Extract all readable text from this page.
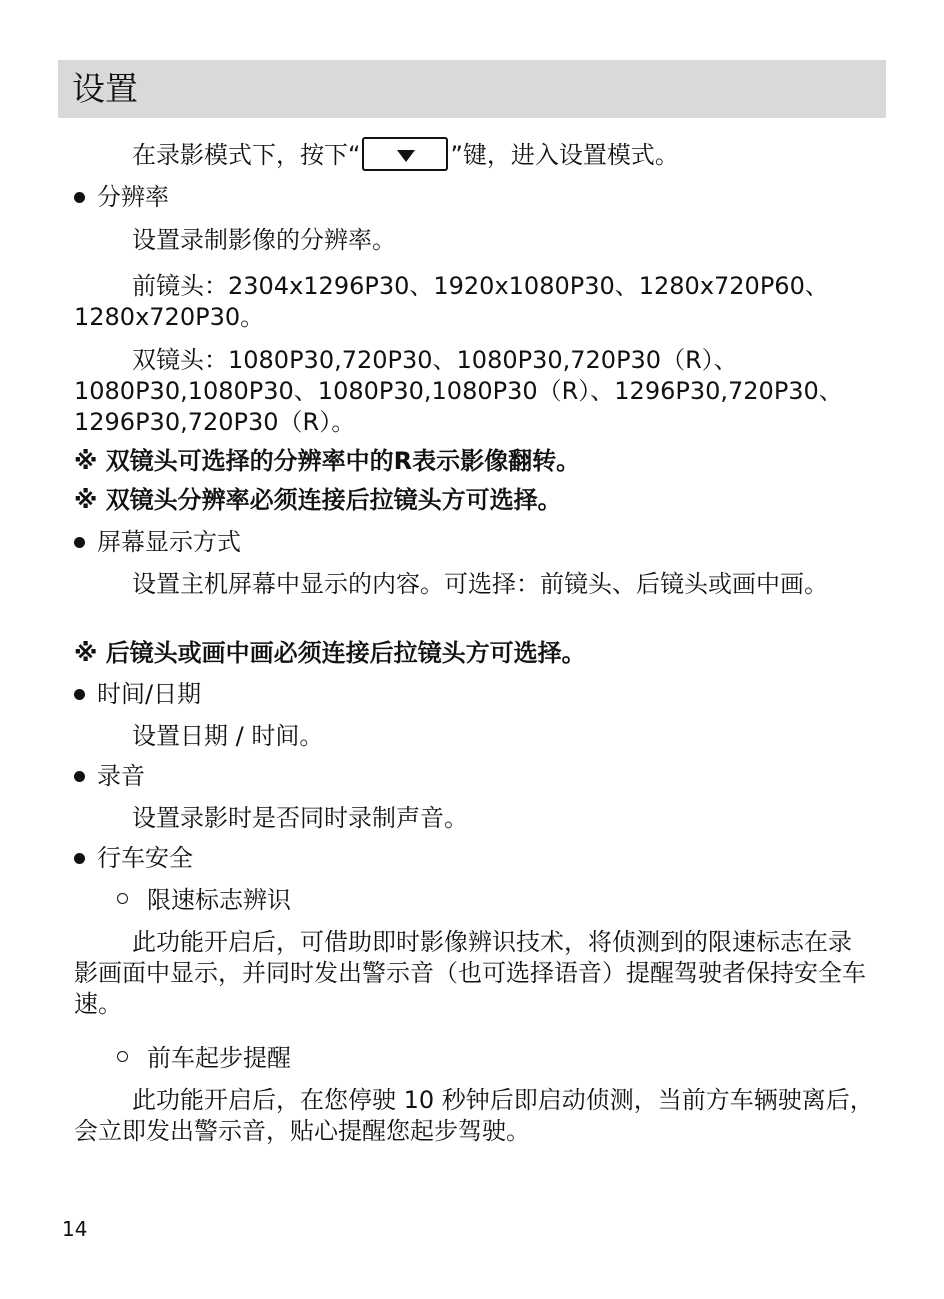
设置
在录影模式下，按下“	”键，进入设置模式。
分辨率
设置录制影像的分辨率。
前镜头：2304x1296P30、1920x1080P30、1280x720P60、1280x720P30。
双镜头：1080P30,720P30、1080P30,720P30（R）、1080P30,1080P30、1080P30,1080P30（R）、1296P30,720P30、1296P30,720P30（R）。
※ 双镜头可选择的分辨率中的R表示影像翻转。
※ 双镜头分辨率必须连接后拉镜头方可选择。
屏幕显示方式
设置主机屏幕中显示的内容。可选择：前镜头、后镜头或画中画。
※ 后镜头或画中画必须连接后拉镜头方可选择。
时间/日期
设置日期 / 时间。
录音
设置录影时是否同时录制声音。
行车安全
限速标志辨识
此功能开启后，可借助即时影像辨识技术，将侦测到的限速标志在录影画面中显示，并同时发出警示音（也可选择语音）提醒驾驶者保持安全车速。
前车起步提醒
此功能开启后，在您停驶 10 秒钟后即启动侦测，当前方车辆驶离后，会立即发出警示音，贴心提醒您起步驾驶。
14
